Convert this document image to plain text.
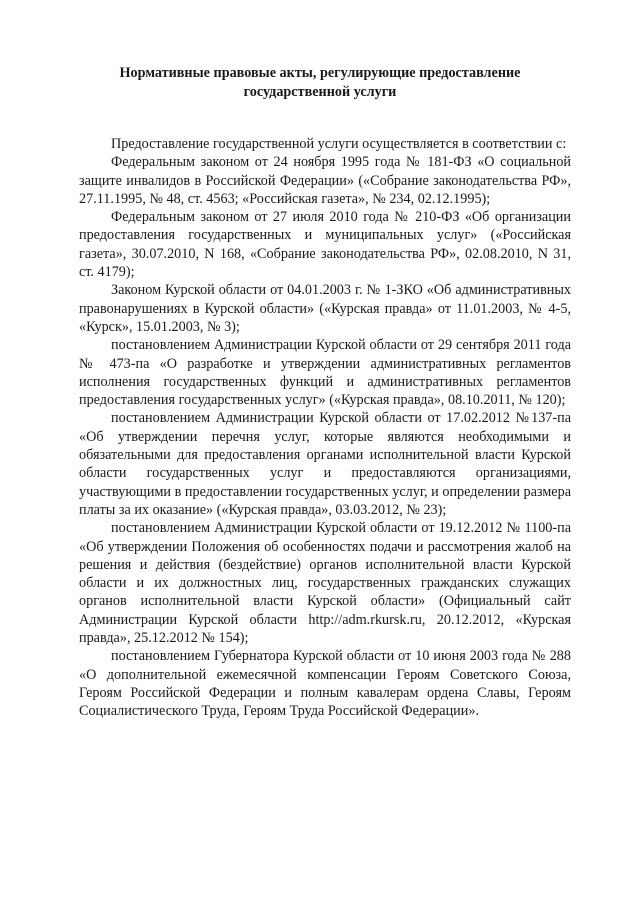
Нормативные правовые акты, регулирующие предоставление
государственной услуги

Предоставление государственной услуги осуществляется в соответствии с:

Федеральным законом от 24 ноября 1995 года № 181-ФЗ «О социальной защите инвалидов в Российской Федерации» («Собрание законодательства РФ», 27.11.1995, № 48, ст. 4563; «Российская газета», № 234, 02.12.1995);

Федеральным законом от 27 июля 2010 года № 210-ФЗ «Об организации предоставления государственных и муниципальных услуг» («Российская газета», 30.07.2010, N 168, «Собрание законодательства РФ», 02.08.2010, N 31, ст. 4179);

Законом Курской области от 04.01.2003 г. № 1-ЗКО «Об административных правонарушениях в Курской области» («Курская правда» от 11.01.2003, № 4-5, «Курск», 15.01.2003, № 3);

постановлением Администрации Курской области от 29 сентября 2011 года № 473-па «О разработке и утверждении административных регламентов исполнения государственных функций и административных регламентов предоставления государственных услуг» («Курская правда», 08.10.2011, № 120);

постановлением Администрации Курской области от 17.02.2012 №137-па «Об утверждении перечня услуг, которые являются необходимыми и обязательными для предоставления органами исполнительной власти Курской области государственных услуг и предоставляются организациями, участвующими в предоставлении государственных услуг, и определении размера платы за их оказание» («Курская правда», 03.03.2012, № 23);

постановлением Администрации Курской области от 19.12.2012 № 1100-па «Об утверждении Положения об особенностях подачи и рассмотрения жалоб на решения и действия (бездействие) органов исполнительной власти Курской области и их должностных лиц, государственных гражданских служащих органов исполнительной власти Курской области» (Официальный сайт Администрации Курской области http://adm.rkursk.ru, 20.12.2012, «Курская правда», 25.12.2012 № 154);

постановлением Губернатора Курской области от 10 июня 2003 года № 288 «О дополнительной ежемесячной компенсации Героям Советского Союза, Героям Российской Федерации и полным кавалерам ордена Славы, Героям Социалистического Труда, Героям Труда Российской Федерации».
